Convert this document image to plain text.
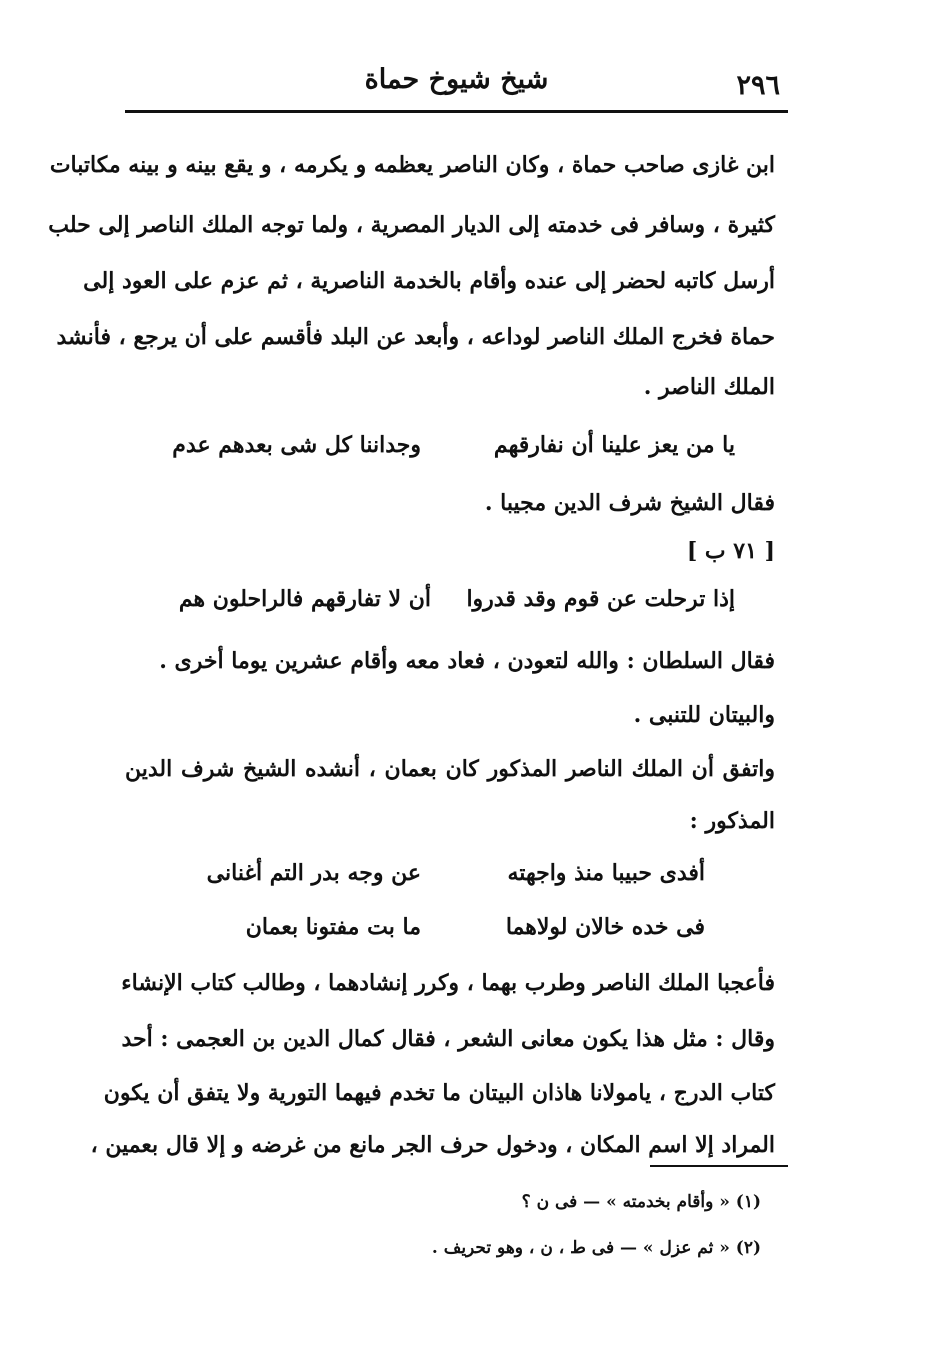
٢٩٦
شيخ شيوخ حماة
ابن غازى صاحب حماة ، وكان الناصر يعظمه و يكرمه ، و يقع بينه و بينه مكاتبات
كثيرة ، وسافر فى خدمته إلى الديار المصرية ، ولما توجه الملك الناصر إلى حلب
أرسل كاتبه لحضر إلى عنده وأقام بالخدمة الناصرية ، ثم عزم على العود إلى
حماة فخرج الملك الناصر لوداعه ، وأبعد عن البلد فأقسم على أن يرجع ، فأنشد
الملك الناصر .
يا من يعز علينا أن نفارقهم
وجداننا كل شى بعدهم عدم
فقال الشيخ شرف الدين مجيبا .
[ ٧١ ب ]
إذا ترحلت عن قوم وقد قدروا
أن لا تفارقهم فالراحلون هم
فقال السلطان : والله لتعودن ، فعاد معه وأقام عشرين يوما أخرى .
والبيتان للتنبى .
واتفق أن الملك الناصر المذكور كان بعمان ، أنشده الشيخ شرف الدين
المذكور :
أفدى حبيبا منذ واجهته
عن وجه بدر التم أغنانى
فى خده خالان لولاهما
ما بت مفتونا بعمان
فأعجبا الملك الناصر وطرب بهما ، وكرر إنشادهما ، وطالب كتاب الإنشاء
وقال : مثل هذا يكون معانى الشعر ، فقال كمال الدين بن العجمى : أحد
كتاب الدرج ، يامولانا هاذان البيتان ما تخدم فيهما التورية ولا يتفق أن يكون
المراد إلا اسم المكان ، ودخول حرف الجر مانع من غرضه و إلا قال بعمين ،
(١) « وأقام بخدمته » — فى ن ؟
(٢) « ثم عزل » — فى ط ، ن ، وهو تحريف .
